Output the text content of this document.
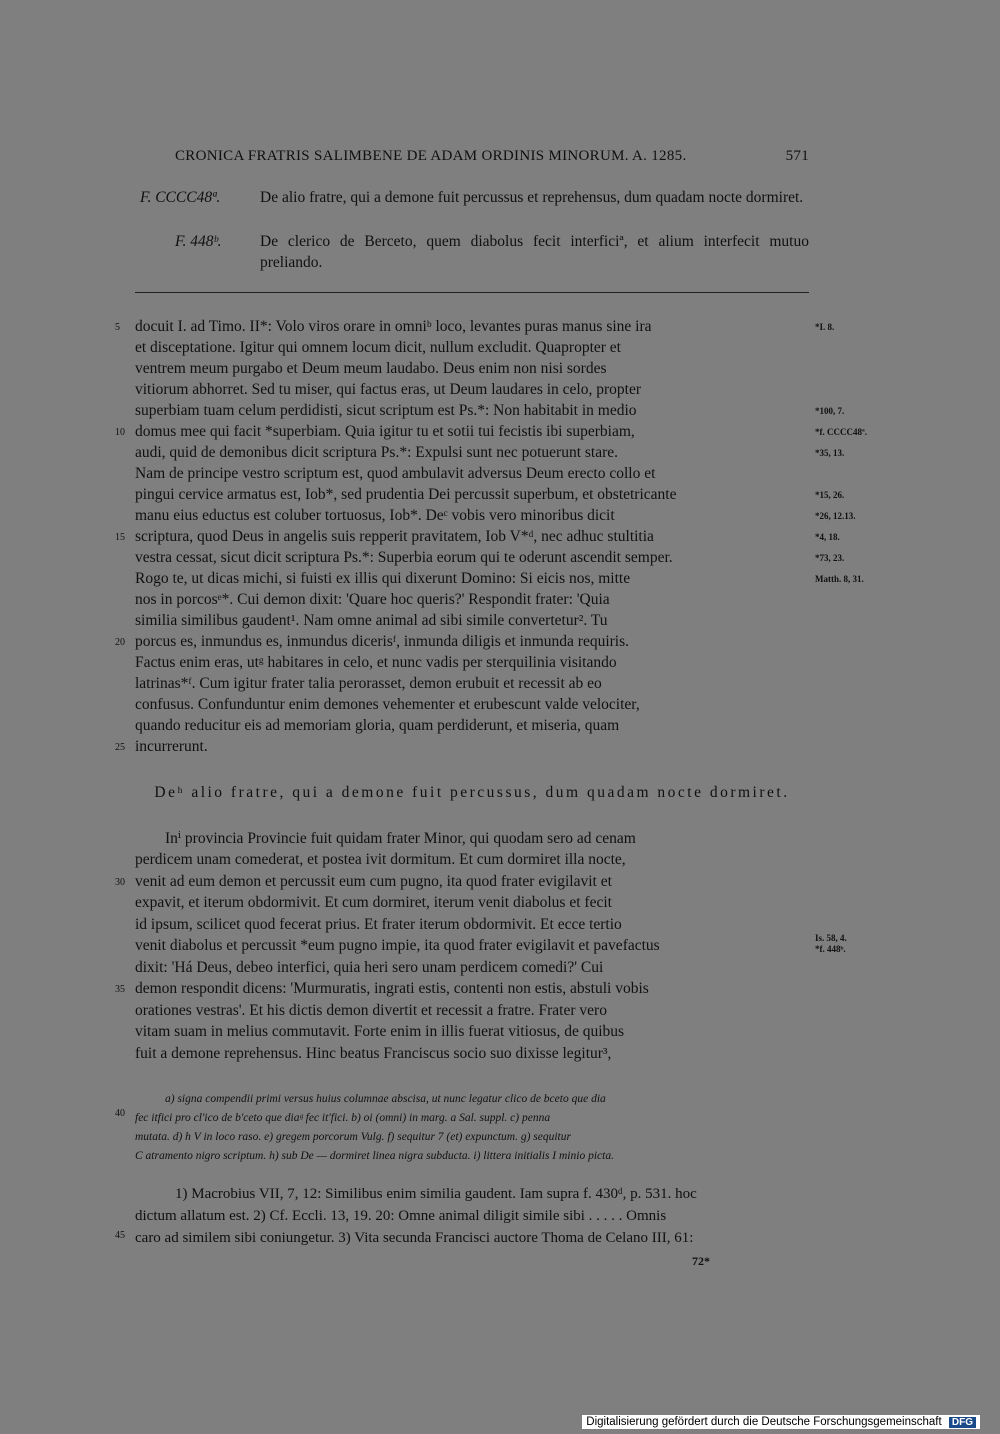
CRONICA FRATRIS SALIMBENE DE ADAM ORDINIS MINORUM. A. 1285.	571
F. CCCC48ª.	De alio fratre, qui a demone fuit percussus et reprehensus, dum quadam nocte dormiret.
F. 448ᵇ. De clerico de Berceto, quem diabolus fecit interficiª, et alium interfecit mutuo preliando.
docuit I. ad Timo. II*: Volo viros orare in omniᵇ loco, levantes puras manus sine ira
et disceptatione. Igitur qui omnem locum dicit, nullum excludit. Quapropter et
ventrem meum purgabo et Deum meum laudabo. Deus enim non nisi sordes
vitiorum abhorret. Sed tu miser, qui factus eras, ut Deum laudares in celo, propter
superbiam tuam celum perdidisti, sicut scriptum est Ps.*: Non habitabit in medio
domus mee qui facit *superbiam. Quia igitur tu et sotii tui fecistis ibi superbiam,
audi, quid de demonibus dicit scriptura Ps.*: Expulsi sunt nec potuerunt stare.
Nam de principe vestro scriptum est, quod ambulavit adversus Deum erecto collo et
pingui cervice armatus est, Iob*, sed prudentia Dei percussit superbum, et obstetricante
manu eius eductus est coluber tortuosus, Iob*. Deᶜ vobis vero minoribus dicit
scriptura, quod Deus in angelis suis repperit pravitatem, Iob V*ᵈ, nec adhuc stultitia
vestra cessat, sicut dicit scriptura Ps.*: Superbia eorum qui te oderunt ascendit semper.
Rogo te, ut dicas michi, si fuisti ex illis qui dixerunt Domino: Si eicis nos, mitte
nos in porcosᵉ*. Cui demon dixit: 'Quare hoc queris?' Respondit frater: 'Quia
similia similibus gaudent¹. Nam omne animal ad sibi simile convertetur². Tu
porcus es, inmundus es, inmundus dicerisᶠ, inmunda diligis et inmunda requiris.
Factus enim eras, utᵍ habitares in celo, et nunc vadis per sterquilinia visitando
latrinas*ᶠ. Cum igitur frater talia perorasset, demon erubuit et recessit ab eo
confusus. Confunduntur enim demones vehementer et erubescunt valde velociter,
quando reducitur eis ad memoriam gloria, quam perdiderunt, et miseria, quam
incurrerunt.
5
10
15
20
25
30
35
40
45
*I. 8.
*100, 7.
*f. CCCC48ª.
*35, 13.
*15, 26.
*26, 12.13.
*4, 18.
*73, 23.
Matth. 8, 31.
Is. 58, 4.
*f. 448ᵇ.
Deʰ alio fratre, qui a demone fuit percussus, dum quadam nocte dormiret.
Inⁱ provincia Provincie fuit quidam frater Minor, qui quodam sero ad cenam
perdicem unam comederat, et postea ivit dormitum. Et cum dormiret illa nocte,
venit ad eum demon et percussit eum cum pugno, ita quod frater evigilavit et
expavit, et iterum obdormivit. Et cum dormiret, iterum venit diabolus et fecit
id ipsum, scilicet quod fecerat prius. Et frater iterum obdormivit. Et ecce tertio
venit diabolus et percussit *eum pugno impie, ita quod frater evigilavit et pavefactus
dixit: 'Há Deus, debeo interfici, quia heri sero unam perdicem comedi?' Cui
demon respondit dicens: 'Murmuratis, ingrati estis, contenti non estis, abstuli vobis
orationes vestras'. Et his dictis demon divertit et recessit a fratre. Frater vero
vitam suam in melius commutavit. Forte enim in illis fuerat vitiosus, de quibus
fuit a demone reprehensus. Hinc beatus Franciscus socio suo dixisse legitur³,
a) signa compendii primi versus huius columnae abscisa, ut nunc legatur clico de bceto que dia
fec itfici pro cl'ico de b'ceto que diaᵍ fec it'fici. b) oi (omni) in marg. a Sal. suppl. c) penna
mutata. d) h V in loco raso. e) gregem porcorum Vulg. f) sequitur 7 (et) expunctum. g) sequitur
C atramento nigro scriptum. h) sub De — dormiret linea nigra subducta. i) littera initialis I minio picta.
1) Macrobius VII, 7, 12: Similibus enim similia gaudent. Iam supra f. 430ᵈ, p. 531. hoc
dictum allatum est. 2) Cf. Eccli. 13, 19. 20: Omne animal diligit simile sibi . . . . . Omnis
caro ad similem sibi coniungetur. 3) Vita secunda Francisci auctore Thoma de Celano III, 61:
72*
Digitalisierung gefördert durch die Deutsche Forschungsgemeinschaft DFG
